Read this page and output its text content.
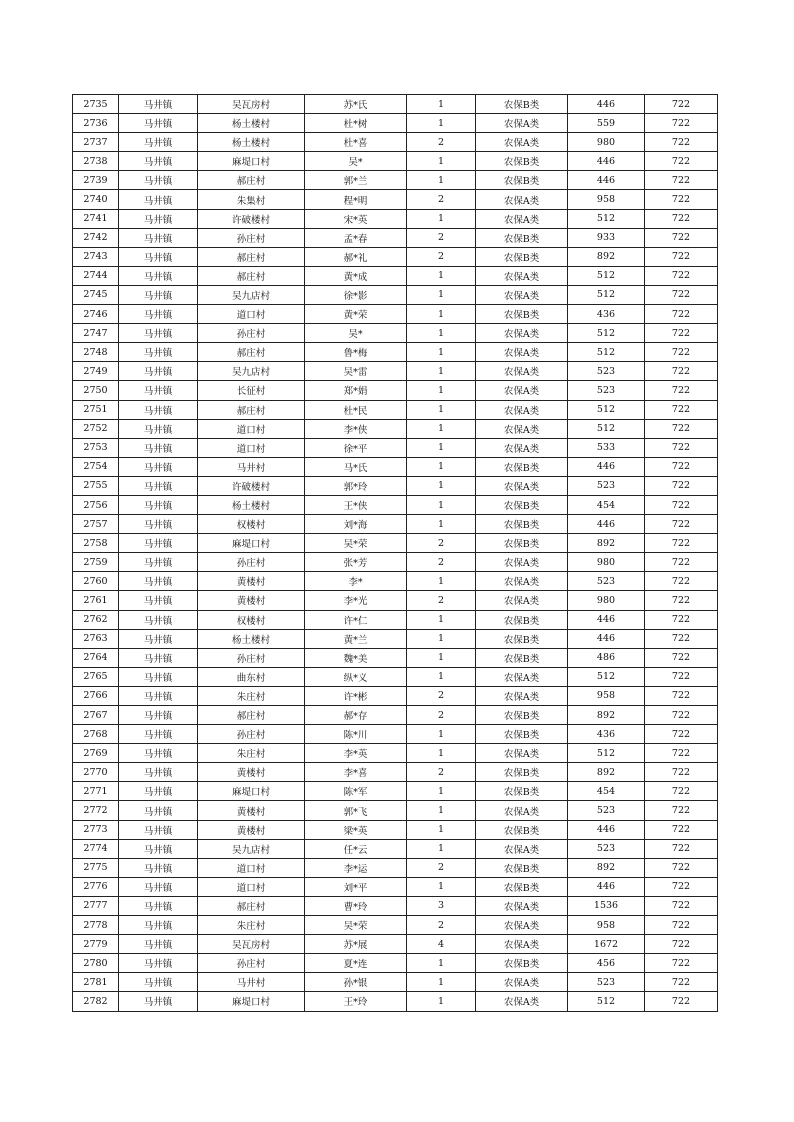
2735	马井镇	吴瓦房村	苏*氏	1	农保B类	446	722
2736	马井镇	杨土楼村	杜*树	1	农保A类	559	722
2737	马井镇	杨土楼村	杜*喜	2	农保A类	980	722
2738	马井镇	麻堤口村	吴*	1	农保B类	446	722
2739	马井镇	郝庄村	郭*兰	1	农保B类	446	722
2740	马井镇	朱集村	程*明	2	农保A类	958	722
2741	马井镇	许破楼村	宋*英	1	农保A类	512	722
2742	马井镇	孙庄村	孟*春	2	农保B类	933	722
2743	马井镇	郝庄村	郝*礼	2	农保B类	892	722
2744	马井镇	郝庄村	黄*成	1	农保A类	512	722
2745	马井镇	吴九店村	徐*影	1	农保A类	512	722
2746	马井镇	道口村	黄*荣	1	农保B类	436	722
2747	马井镇	孙庄村	吴*	1	农保A类	512	722
2748	马井镇	郝庄村	鲁*梅	1	农保A类	512	722
2749	马井镇	吴九店村	吴*雷	1	农保A类	523	722
2750	马井镇	长征村	郑*娟	1	农保A类	523	722
2751	马井镇	郝庄村	杜*民	1	农保A类	512	722
2752	马井镇	道口村	李*侠	1	农保A类	512	722
2753	马井镇	道口村	徐*平	1	农保A类	533	722
2754	马井镇	马井村	马*氏	1	农保B类	446	722
2755	马井镇	许破楼村	郭*玲	1	农保A类	523	722
2756	马井镇	杨土楼村	王*侠	1	农保B类	454	722
2757	马井镇	权楼村	刘*海	1	农保B类	446	722
2758	马井镇	麻堤口村	吴*荣	2	农保B类	892	722
2759	马井镇	孙庄村	张*芳	2	农保A类	980	722
2760	马井镇	黄楼村	李*	1	农保A类	523	722
2761	马井镇	黄楼村	李*光	2	农保A类	980	722
2762	马井镇	权楼村	许*仁	1	农保B类	446	722
2763	马井镇	杨土楼村	黄*兰	1	农保B类	446	722
2764	马井镇	孙庄村	魏*美	1	农保B类	486	722
2765	马井镇	曲东村	纵*义	1	农保A类	512	722
2766	马井镇	朱庄村	许*彬	2	农保A类	958	722
2767	马井镇	郝庄村	郝*存	2	农保B类	892	722
2768	马井镇	孙庄村	陈*川	1	农保B类	436	722
2769	马井镇	朱庄村	李*英	1	农保A类	512	722
2770	马井镇	黄楼村	李*喜	2	农保B类	892	722
2771	马井镇	麻堤口村	陈*军	1	农保B类	454	722
2772	马井镇	黄楼村	郭*飞	1	农保A类	523	722
2773	马井镇	黄楼村	梁*英	1	农保B类	446	722
2774	马井镇	吴九店村	任*云	1	农保A类	523	722
2775	马井镇	道口村	李*运	2	农保B类	892	722
2776	马井镇	道口村	刘*平	1	农保B类	446	722
2777	马井镇	郝庄村	曹*玲	3	农保A类	1536	722
2778	马井镇	朱庄村	吴*荣	2	农保A类	958	722
2779	马井镇	吴瓦房村	苏*展	4	农保A类	1672	722
2780	马井镇	孙庄村	夏*连	1	农保B类	456	722
2781	马井镇	马井村	孙*银	1	农保A类	523	722
2782	马井镇	麻堤口村	王*玲	1	农保A类	512	722
